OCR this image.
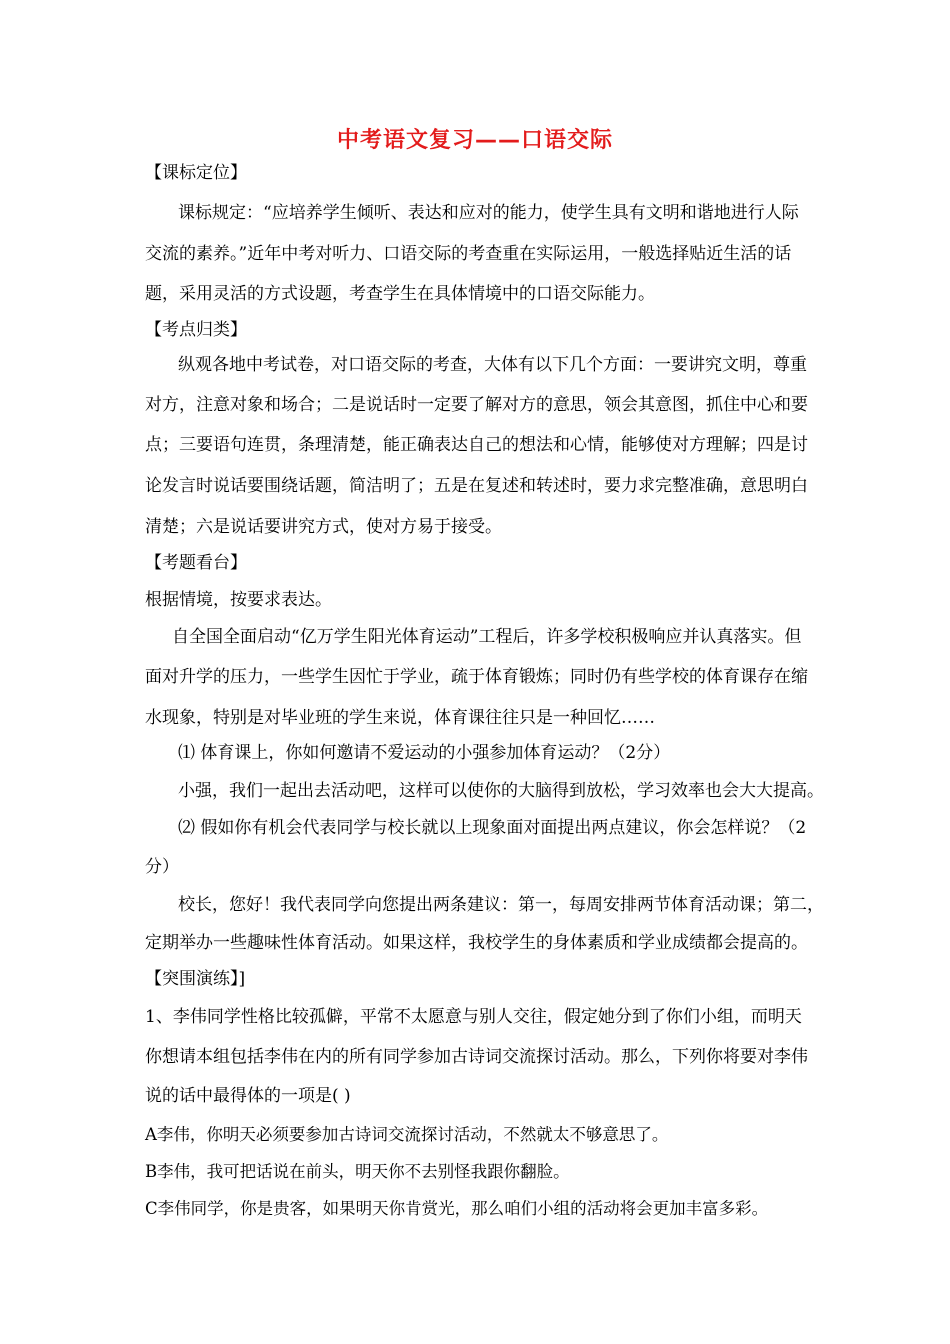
中考语文复习——口语交际
【课标定位】
课标规定：“应培养学生倾听、表达和应对的能力，使学生具有文明和谐地进行人际
交流的素养。”近年中考对听力、口语交际的考查重在实际运用，一般选择贴近生活的话
题，采用灵活的方式设题，考查学生在具体情境中的口语交际能力。
【考点归类】
纵观各地中考试卷，对口语交际的考查，大体有以下几个方面：一要讲究文明，尊重
对方，注意对象和场合；二是说话时一定要了解对方的意思，领会其意图，抓住中心和要
点；三要语句连贯，条理清楚，能正确表达自己的想法和心情，能够使对方理解；四是讨
论发言时说话要围绕话题，简洁明了；五是在复述和转述时，要力求完整准确，意思明白
清楚；六是说话要讲究方式，使对方易于接受。
【考题看台】
根据情境，按要求表达。
自全国全面启动“亿万学生阳光体育运动”工程后，许多学校积极响应并认真落实。但
面对升学的压力，一些学生因忙于学业，疏于体育锻炼；同时仍有些学校的体育课存在缩
水现象，特别是对毕业班的学生来说，体育课往往只是一种回忆……
⑴ 体育课上，你如何邀请不爱运动的小强参加体育运动？（2分）
小强，我们一起出去活动吧，这样可以使你的大脑得到放松，学习效率也会大大提高。
⑵ 假如你有机会代表同学与校长就以上现象面对面提出两点建议，你会怎样说？（2
分）
校长，您好！我代表同学向您提出两条建议：第一，每周安排两节体育活动课；第二，
定期举办一些趣味性体育活动。如果这样，我校学生的身体素质和学业成绩都会提高的。
【突围演练】]
1、李伟同学性格比较孤僻，平常不太愿意与别人交往，假定她分到了你们小组，而明天
你想请本组包括李伟在内的所有同学参加古诗词交流探讨活动。那么，下列你将要对李伟
说的话中最得体的一项是( )
A李伟，你明天必须要参加古诗词交流探讨活动，不然就太不够意思了。
B李伟，我可把话说在前头，明天你不去别怪我跟你翻脸。
C李伟同学，你是贵客，如果明天你肯赏光，那么咱们小组的活动将会更加丰富多彩。
